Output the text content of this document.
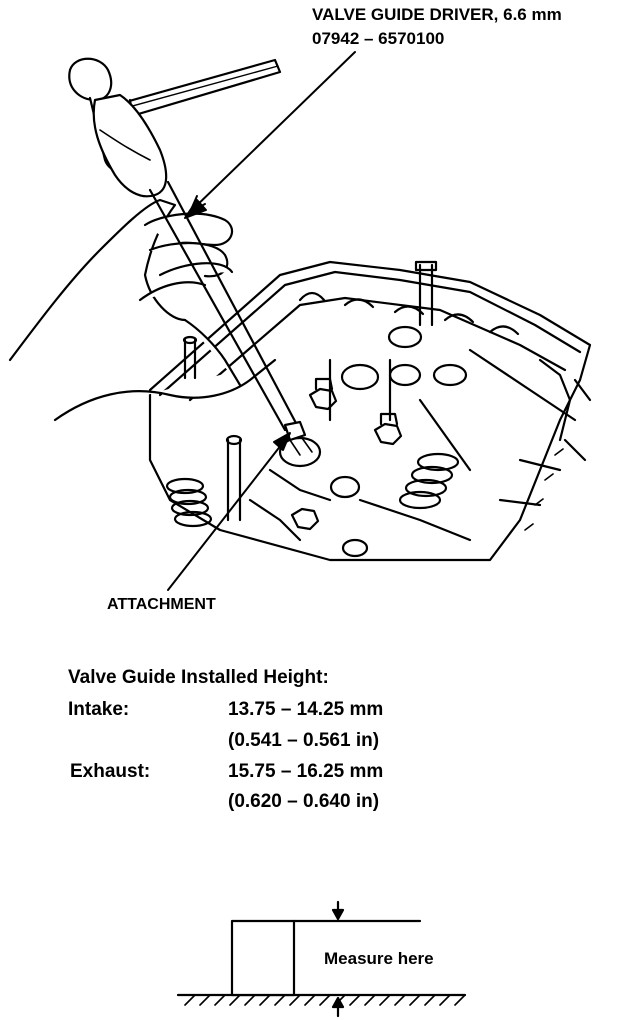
VALVE GUIDE DRIVER, 6.6 mm
07942 – 6570100
ATTACHMENT
Valve Guide Installed Height:
Intake:	13.75 – 14.25 mm
(0.541 – 0.561 in)
Exhaust:	15.75 – 16.25 mm
(0.620 – 0.640 in)
Measure here
